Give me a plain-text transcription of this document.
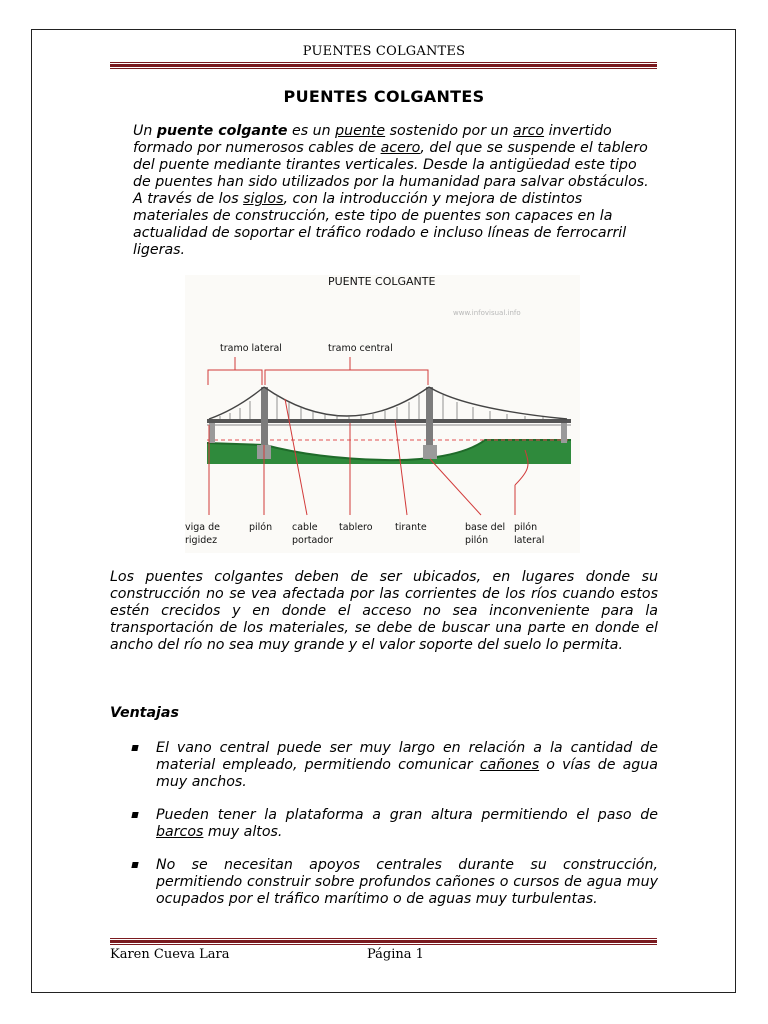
PUENTES COLGANTES
PUENTES COLGANTES

Un puente colgante es un puente sostenido por un arco invertido formado por numerosos cables de acero, del que se suspende el tablero del puente mediante tirantes verticales. Desde la antigüedad este tipo de puentes han sido utilizados por la humanidad para salvar obstáculos. A través de los siglos, con la introducción y mejora de distintos materiales de construcción, este tipo de puentes son capaces en la actualidad de soportar el tráfico rodado e incluso líneas de ferrocarril ligeras.

PUENTE COLGANTE
www.infovisual.info
tramo lateral	tramo central
viga de
rigidez
pilón cable
portador
tablero tirante	base del
pilón
pilón
lateral

Los puentes colgantes deben de ser ubicados, en lugares donde su construcción no se vea afectada por las corrientes de los ríos cuando estos estén crecidos y en donde el acceso no sea inconveniente para la transportación de los materiales, se debe de buscar una parte en donde el ancho del río no sea muy grande y el valor soporte del suelo lo permita.

Ventajas

El vano central puede ser muy largo en relación a la cantidad de material empleado, permitiendo comunicar cañones o vías de agua muy anchos.

Pueden tener la plataforma a gran altura permitiendo el paso de barcos muy altos.

No se necesitan apoyos centrales durante su construcción, permitiendo construir sobre profundos cañones o cursos de agua muy ocupados por el tráfico marítimo o de aguas muy turbulentas.

Karen Cueva Lara	Página 1
